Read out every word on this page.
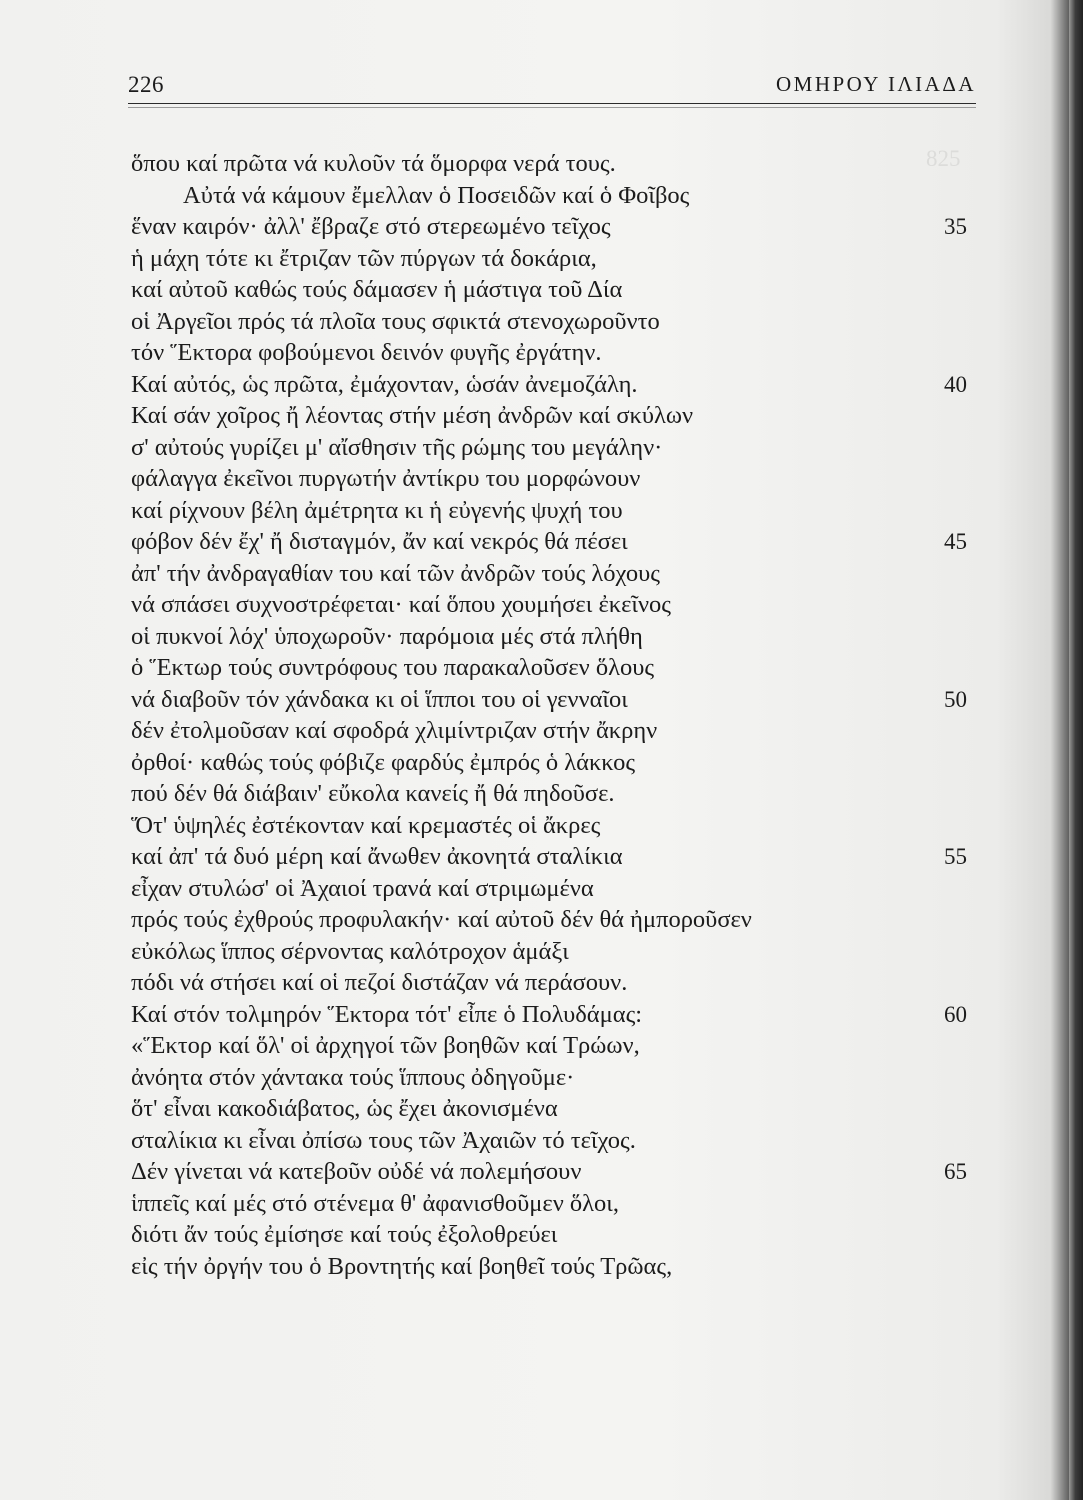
226	ΟΜΗΡΟΥ ΙΛΙΑΔΑ
825
ὅπου καί πρῶτα νά κυλοῦν τά ὅμορφα νερά τους.
Αὐτά νά κάμουν ἔμελλαν ὁ Ποσειδῶν καί ὁ Φοῖβος
ἕναν καιρόν· ἀλλ' ἔβραζε στό στερεωμένο τεῖχος	35
ἡ μάχη τότε κι ἔτριζαν τῶν πύργων τά δοκάρια,
καί αὐτοῦ καθώς τούς δάμασεν ἡ μάστιγα τοῦ Δία
οἱ Ἀργεῖοι πρός τά πλοῖα τους σφικτά στενοχωροῦντο
τόν Ἕκτορα φοβούμενοι δεινόν φυγῆς ἐργάτην.
Καί αὐτός, ὡς πρῶτα, ἐμάχονταν, ὡσάν ἀνεμοζάλη.	40
Καί σάν χοῖρος ἤ λέοντας στήν μέση ἀνδρῶν καί σκύλων
σ' αὐτούς γυρίζει μ' αἴσθησιν τῆς ρώμης του μεγάλην·
φάλαγγα ἐκεῖνοι πυργωτήν ἀντίκρυ του μορφώνουν
καί ρίχνουν βέλη ἀμέτρητα κι ἡ εὐγενής ψυχή του
φόβον δέν ἔχ' ἤ δισταγμόν, ἄν καί νεκρός θά πέσει	45
ἀπ' τήν ἀνδραγαθίαν του καί τῶν ἀνδρῶν τούς λόχους
νά σπάσει συχνοστρέφεται· καί ὅπου χουμήσει ἐκεῖνος
οἱ πυκνοί λόχ' ὑποχωροῦν· παρόμοια μές στά πλήθη
ὁ Ἕκτωρ τούς συντρόφους του παρακαλοῦσεν ὅλους
νά διαβοῦν τόν χάνδακα κι οἱ ἵπποι του οἱ γενναῖοι	50
δέν ἐτολμοῦσαν καί σφοδρά χλιμίντριζαν στήν ἄκρην
ὀρθοί· καθώς τούς φόβιζε φαρδύς ἐμπρός ὁ λάκκος
πού δέν θά διάβαιν' εὔκολα κανείς ἤ θά πηδοῦσε.
Ὅτ' ὑψηλές ἐστέκονταν καί κρεμαστές οἱ ἄκρες
καί ἀπ' τά δυό μέρη καί ἄνωθεν ἀκονητά σταλίκια	55
εἶχαν στυλώσ' οἱ Ἀχαιοί τρανά καί στριμωμένα
πρός τούς ἐχθρούς προφυλακήν· καί αὐτοῦ δέν θά ἠμποροῦσεν
εὐκόλως ἵππος σέρνοντας καλότροχον ἁμάξι
πόδι νά στήσει καί οἱ πεζοί διστάζαν νά περάσουν.
Καί στόν τολμηρόν Ἕκτορα τότ' εἶπε ὁ Πολυδάμας:	60
«Ἕκτορ καί ὅλ' οἱ ἀρχηγοί τῶν βοηθῶν καί Τρώων,
ἀνόητα στόν χάντακα τούς ἵππους ὀδηγοῦμε·
ὅτ' εἶναι κακοδιάβατος, ὡς ἔχει ἀκονισμένα
σταλίκια κι εἶναι ὀπίσω τους τῶν Ἀχαιῶν τό τεῖχος.
Δέν γίνεται νά κατεβοῦν οὐδέ νά πολεμήσουν	65
ἱππεῖς καί μές στό στένεμα θ' ἀφανισθοῦμεν ὅλοι,
διότι ἄν τούς ἐμίσησε καί τούς ἐξολοθρεύει
εἰς τήν ὀργήν του ὁ Βροντητής καί βοηθεῖ τούς Τρῶας,
